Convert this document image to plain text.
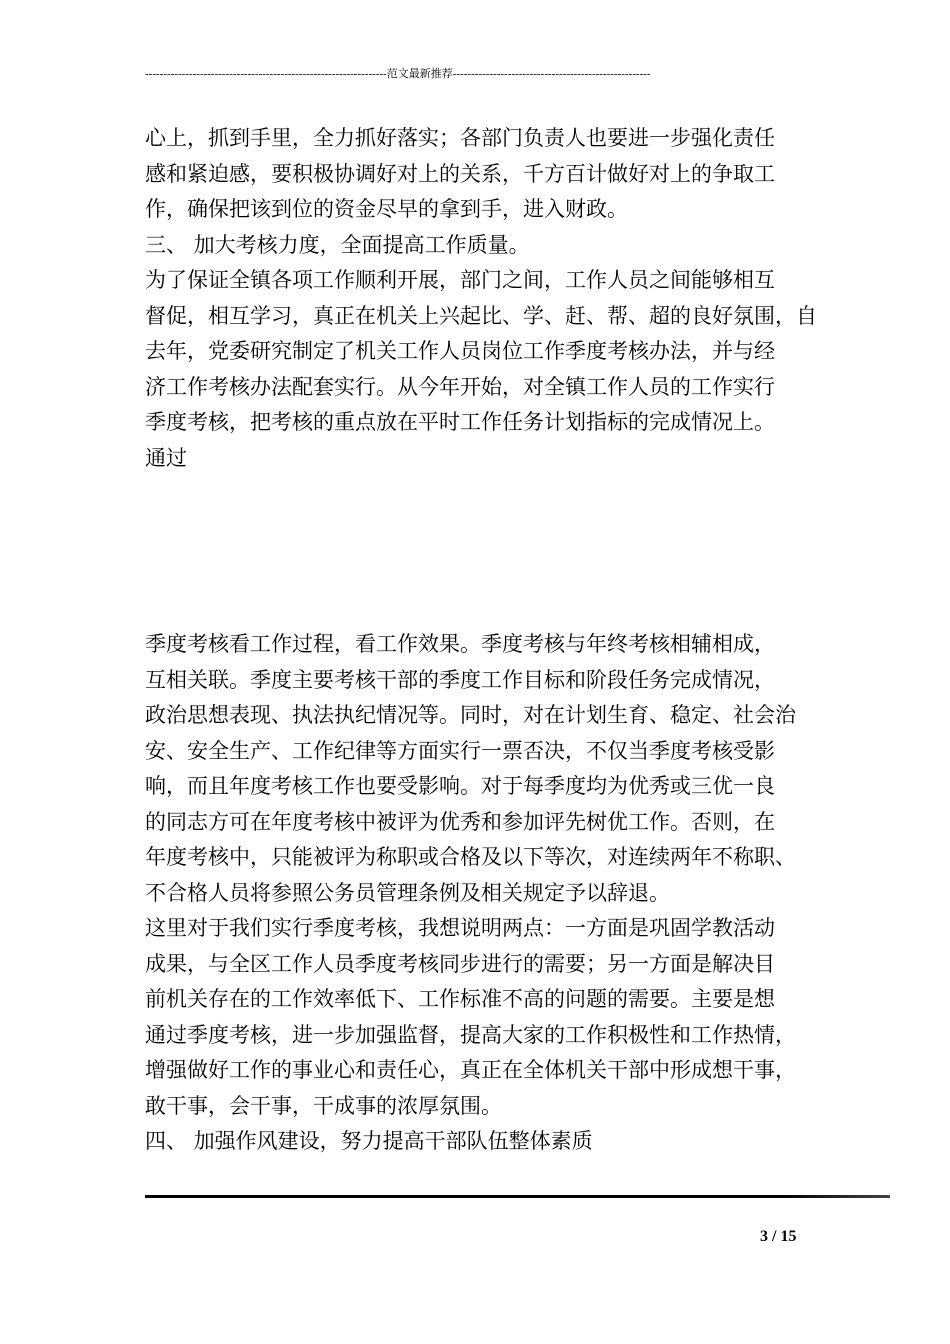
------------------------------------------------------------------范文最新推荐------------------------------------------------------

心上，抓到手里，全力抓好落实；各部门负责人也要进一步强化责任

感和紧迫感，要积极协调好对上的关系，千方百计做好对上的争取工

作，确保把该到位的资金尽早的拿到手，进入财政。

三、 加大考核力度，全面提高工作质量。

为了保证全镇各项工作顺利开展，部门之间，工作人员之间能够相互

督促，相互学习，真正在机关上兴起比、学、赶、帮、超的良好氛围，自

去年，党委研究制定了机关工作人员岗位工作季度考核办法，并与经

济工作考核办法配套实行。从今年开始，对全镇工作人员的工作实行

季度考核，把考核的重点放在平时工作任务计划指标的完成情况上。

通过

季度考核看工作过程，看工作效果。季度考核与年终考核相辅相成，

互相关联。季度主要考核干部的季度工作目标和阶段任务完成情况，

政治思想表现、执法执纪情况等。同时，对在计划生育、稳定、社会治

安、安全生产、工作纪律等方面实行一票否决，不仅当季度考核受影

响，而且年度考核工作也要受影响。对于每季度均为优秀或三优一良

的同志方可在年度考核中被评为优秀和参加评先树优工作。否则，在

年度考核中，只能被评为称职或合格及以下等次，对连续两年不称职、

不合格人员将参照公务员管理条例及相关规定予以辞退。

这里对于我们实行季度考核，我想说明两点：一方面是巩固学教活动

成果，与全区工作人员季度考核同步进行的需要；另一方面是解决目

前机关存在的工作效率低下、工作标准不高的问题的需要。主要是想

通过季度考核，进一步加强监督，提高大家的工作积极性和工作热情，

增强做好工作的事业心和责任心，真正在全体机关干部中形成想干事，

敢干事，会干事，干成事的浓厚氛围。

四、 加强作风建设，努力提高干部队伍整体素质

3 / 15
